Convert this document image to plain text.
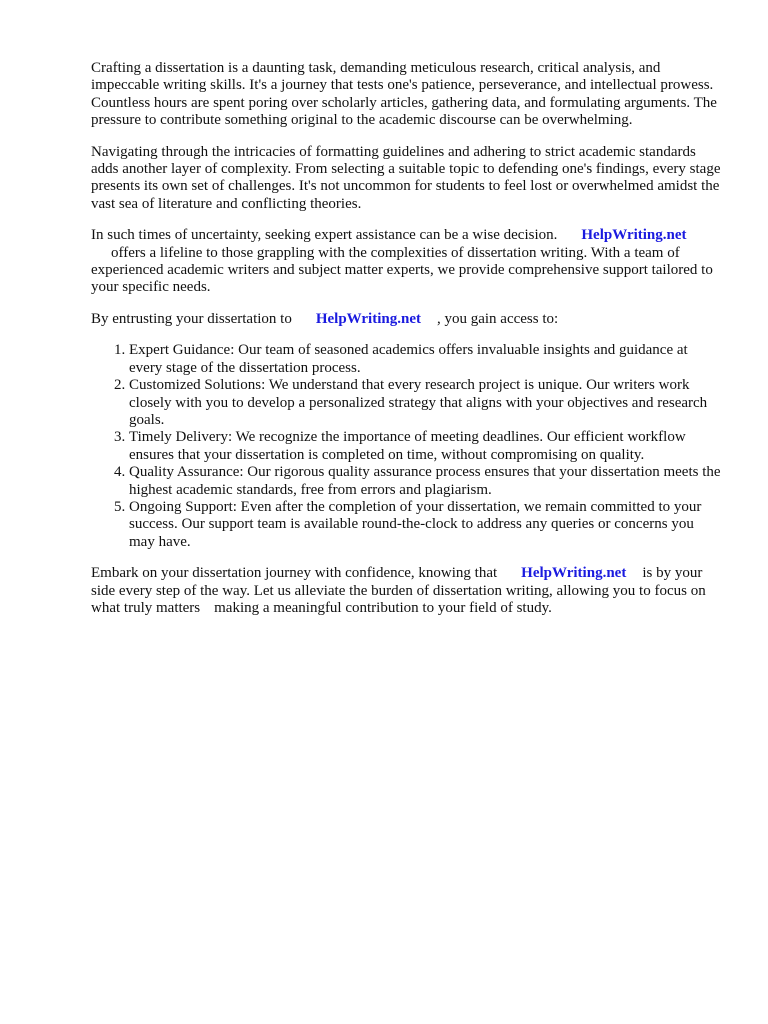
Crafting a dissertation is a daunting task, demanding meticulous research, critical analysis, and impeccable writing skills. It's a journey that tests one's patience, perseverance, and intellectual prowess. Countless hours are spent poring over scholarly articles, gathering data, and formulating arguments. The pressure to contribute something original to the academic discourse can be overwhelming.

Navigating through the intricacies of formatting guidelines and adhering to strict academic standards adds another layer of complexity. From selecting a suitable topic to defending one's findings, every stage presents its own set of challenges. It's not uncommon for students to feel lost or overwhelmed amidst the vast sea of literature and conflicting theories.

In such times of uncertainty, seeking expert assistance can be a wise decision. HelpWriting.net
offers a lifeline to those grappling with the complexities of dissertation writing. With a team of experienced academic writers and subject matter experts, we provide comprehensive support tailored to your specific needs.

By entrusting your dissertation to HelpWriting.net , you gain access to:

1. Expert Guidance: Our team of seasoned academics offers invaluable insights and guidance at every stage of the dissertation process.
2. Customized Solutions: We understand that every research project is unique. Our writers work closely with you to develop a personalized strategy that aligns with your objectives and research goals.
3. Timely Delivery: We recognize the importance of meeting deadlines. Our efficient workflow ensures that your dissertation is completed on time, without compromising on quality.
4. Quality Assurance: Our rigorous quality assurance process ensures that your dissertation meets the highest academic standards, free from errors and plagiarism.
5. Ongoing Support: Even after the completion of your dissertation, we remain committed to your success. Our support team is available round-the-clock to address any queries or concerns you may have.

Embark on your dissertation journey with confidence, knowing that HelpWriting.net is by your side every step of the way. Let us alleviate the burden of dissertation writing, allowing you to focus on what truly matters making a meaningful contribution to your field of study.
